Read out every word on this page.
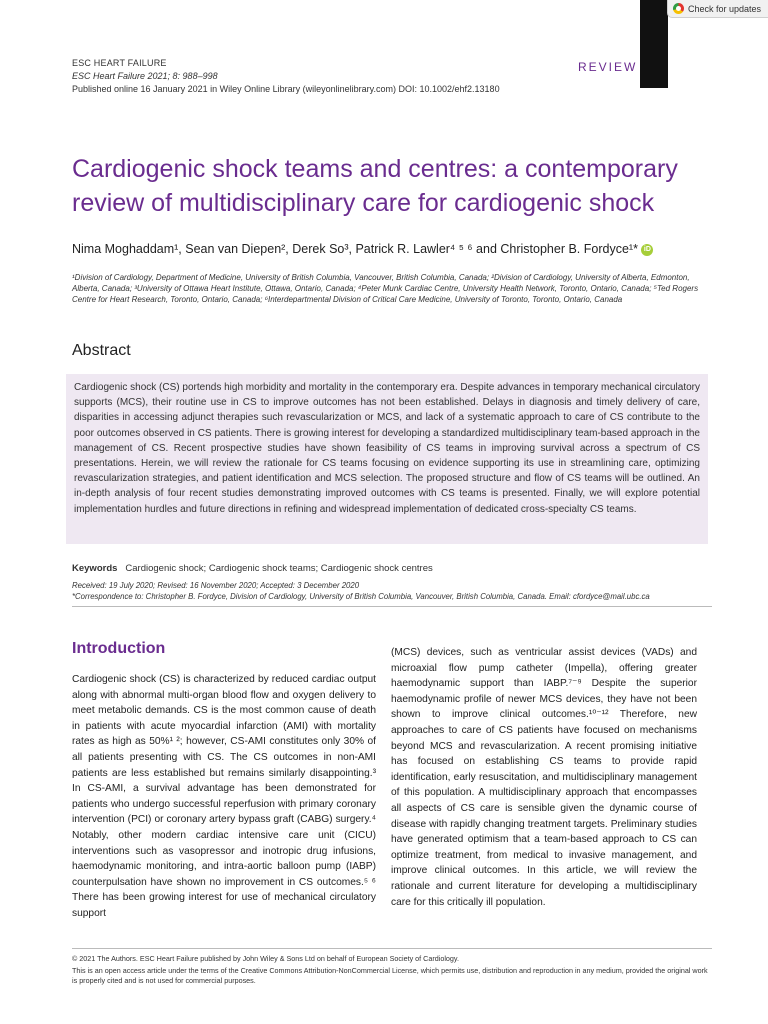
Check for updates
ESC HEART FAILURE
ESC Heart Failure 2021; 8: 988–998
Published online 16 January 2021 in Wiley Online Library (wileyonlinelibrary.com) DOI: 10.1002/ehf2.13180
REVIEW
Cardiogenic shock teams and centres: a contemporary review of multidisciplinary care for cardiogenic shock
Nima Moghaddam¹, Sean van Diepen², Derek So³, Patrick R. Lawler⁴ ⁵ ⁶ and Christopher B. Fordyce¹* iD
¹Division of Cardiology, Department of Medicine, University of British Columbia, Vancouver, British Columbia, Canada; ²Division of Cardiology, University of Alberta, Edmonton, Alberta, Canada; ³University of Ottawa Heart Institute, Ottawa, Ontario, Canada; ⁴Peter Munk Cardiac Centre, University Health Network, Toronto, Ontario, Canada; ⁵Ted Rogers Centre for Heart Research, Toronto, Ontario, Canada; ⁶Interdepartmental Division of Critical Care Medicine, University of Toronto, Toronto, Ontario, Canada
Abstract

Cardiogenic shock (CS) portends high morbidity and mortality in the contemporary era. Despite advances in temporary mechanical circulatory supports (MCS), their routine use in CS to improve outcomes has not been established. Delays in diagnosis and timely delivery of care, disparities in accessing adjunct therapies such revascularization or MCS, and lack of a systematic approach to care of CS contribute to the poor outcomes observed in CS patients. There is growing interest for developing a standardized multidisciplinary team-based approach in the management of CS. Recent prospective studies have shown feasibility of CS teams in improving survival across a spectrum of CS presentations. Herein, we will review the rationale for CS teams focusing on evidence supporting its use in streamlining care, optimizing revascularization strategies, and patient identification and MCS selection. The proposed structure and flow of CS teams will be outlined. An in-depth analysis of four recent studies demonstrating improved outcomes with CS teams is presented. Finally, we will explore potential implementation hurdles and future directions in refining and widespread implementation of dedicated cross-specialty CS teams.

Keywords Cardiogenic shock; Cardiogenic shock teams; Cardiogenic shock centres
Received: 19 July 2020; Revised: 16 November 2020; Accepted: 3 December 2020
*Correspondence to: Christopher B. Fordyce, Division of Cardiology, University of British Columbia, Vancouver, British Columbia, Canada. Email: cfordyce@mail.ubc.ca
Introduction

Cardiogenic shock (CS) is characterized by reduced cardiac output along with abnormal multi-organ blood flow and oxygen delivery to meet metabolic demands. CS is the most common cause of death in patients with acute myocardial infarction (AMI) with mortality rates as high as 50%¹ ²; however, CS-AMI constitutes only 30% of all patients presenting with CS. The CS outcomes in non-AMI patients are less established but remains similarly disappointing.³ In CS-AMI, a survival advantage has been demonstrated for patients who undergo successful reperfusion with primary coronary intervention (PCI) or coronary artery bypass graft (CABG) surgery.⁴ Notably, other modern cardiac intensive care unit (CICU) interventions such as vasopressor and inotropic drug infusions, haemodynamic monitoring, and intra-aortic balloon pump (IABP) counterpulsation have shown no improvement in CS outcomes.⁵ ⁶ There has been growing interest for use of mechanical circulatory support

(MCS) devices, such as ventricular assist devices (VADs) and microaxial flow pump catheter (Impella), offering greater haemodynamic support than IABP.⁷⁻⁹ Despite the superior haemodynamic profile of newer MCS devices, they have not been shown to improve clinical outcomes.¹⁰⁻¹² Therefore, new approaches to care of CS patients have focused on mechanisms beyond MCS and revascularization. A recent promising initiative has focused on establishing CS teams to provide rapid identification, early resuscitation, and multidisciplinary management of this population. A multidisciplinary approach that encompasses all aspects of CS care is sensible given the dynamic course of disease with rapidly changing treatment targets. Preliminary studies have generated optimism that a team-based approach to CS can optimize treatment, from medical to invasive management, and improve clinical outcomes. In this article, we will review the rationale and current literature for developing a multidisciplinary care for this critically ill population.

© 2021 The Authors. ESC Heart Failure published by John Wiley & Sons Ltd on behalf of European Society of Cardiology.
This is an open access article under the terms of the Creative Commons Attribution-NonCommercial License, which permits use, distribution and reproduction in any medium, provided the original work is properly cited and is not used for commercial purposes.
